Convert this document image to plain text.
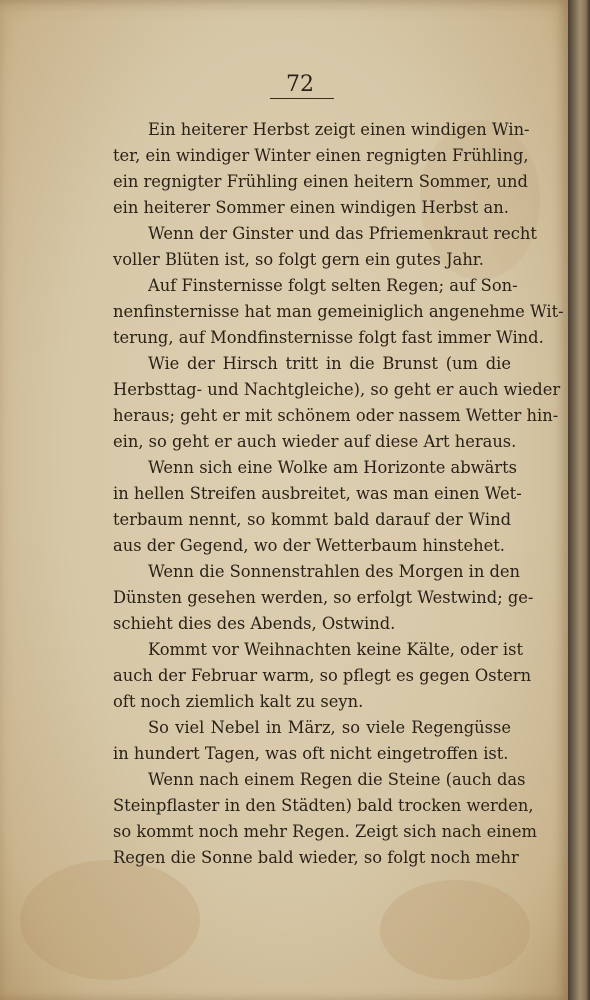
72
Ein heiterer Herbst zeigt einen windigen Win-
ter, ein windiger Winter einen regnigten Frühling,
ein regnigter Frühling einen heitern Sommer, und
ein heiterer Sommer einen windigen Herbst an.
Wenn der Ginster und das Pfriemenkraut recht
voller Blüten ist, so folgt gern ein gutes Jahr.
Auf Finsternisse folgt selten Regen; auf Son-
nenfinsternisse hat man gemeiniglich angenehme Wit-
terung, auf Mondfinsternisse folgt fast immer Wind.
Wie der Hirsch tritt in die Brunst (um die
Herbsttag- und Nachtgleiche), so geht er auch wieder
heraus; geht er mit schönem oder nassem Wetter hin-
ein, so geht er auch wieder auf diese Art heraus.
Wenn sich eine Wolke am Horizonte abwärts
in hellen Streifen ausbreitet, was man einen Wet-
terbaum nennt, so kommt bald darauf der Wind
aus der Gegend, wo der Wetterbaum hinstehet.
Wenn die Sonnenstrahlen des Morgen in den
Dünsten gesehen werden, so erfolgt Westwind; ge-
schieht dies des Abends, Ostwind.
Kommt vor Weihnachten keine Kälte, oder ist
auch der Februar warm, so pflegt es gegen Ostern
oft noch ziemlich kalt zu seyn.
So viel Nebel in März, so viele Regengüsse
in hundert Tagen, was oft nicht eingetroffen ist.
Wenn nach einem Regen die Steine (auch das
Steinpflaster in den Städten) bald trocken werden,
so kommt noch mehr Regen. Zeigt sich nach einem
Regen die Sonne bald wieder, so folgt noch mehr
